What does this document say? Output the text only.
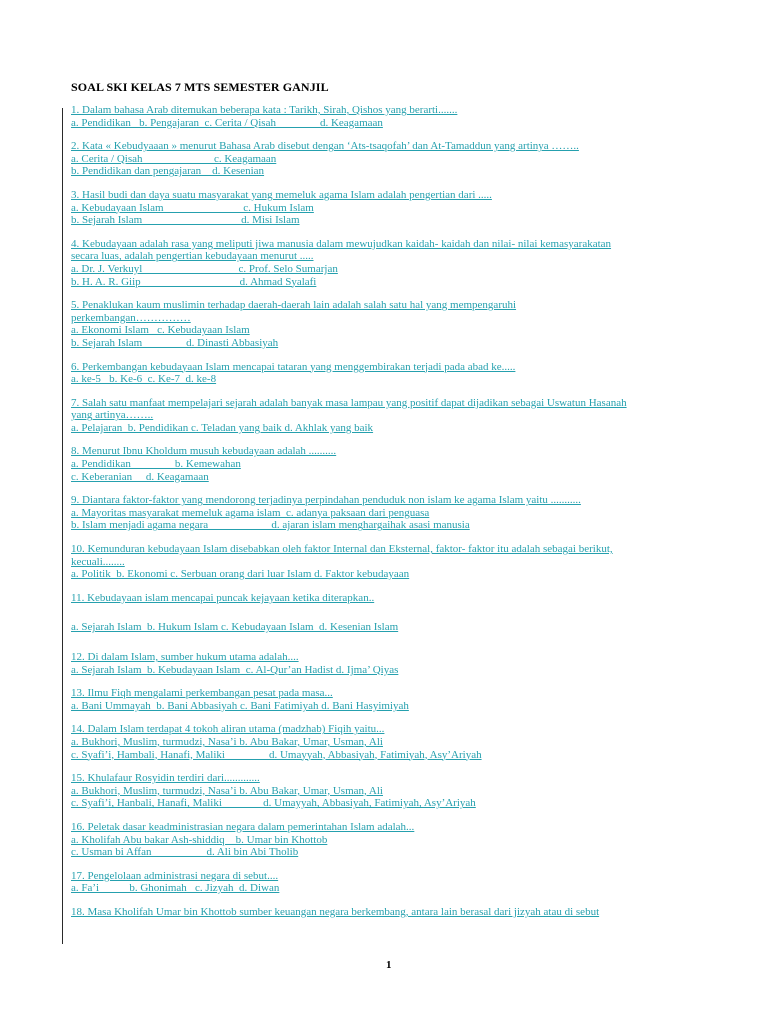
SOAL SKI KELAS 7 MTS SEMESTER GANJIL
1. Dalam bahasa Arab ditemukan beberapa kata : Tarikh, Sirah, Qishos yang berarti.......
a. Pendidikan   b. Pengajaran  c. Cerita / Qisah                d. Keagamaan
2. Kata « Kebudyaaan » menurut Bahasa Arab disebut dengan ‘Ats-tsaqofah’ dan At-Tamaddun yang artinya ……..
a. Cerita / Qisah                          c. Keagamaan
b. Pendidikan dan pengajaran    d. Kesenian
3. Hasil budi dan daya suatu masyarakat yang memeluk agama Islam adalah pengertian dari .....
a. Kebudayaan Islam                             c. Hukum Islam
b. Sejarah Islam                                    d. Misi Islam
4. Kebudayaan adalah rasa yang meliputi jiwa manusia dalam mewujudkan kaidah- kaidah dan nilai- nilai kemasyarakatan
secara luas, adalah pengertian kebudayaan menurut .....
a. Dr. J. Verkuyl                                   c. Prof. Selo Sumarjan
b. H. A. R. Giip                                    d. Ahmad Syalafi
5. Penaklukan kaum muslimin terhadap daerah-daerah lain adalah salah satu hal yang mempengaruhi
perkembangan……………
a. Ekonomi Islam   c. Kebudayaan Islam
b. Sejarah Islam                d. Dinasti Abbasiyah
6. Perkembangan kebudayaan Islam mencapai tataran yang menggembirakan terjadi pada abad ke.....
a. ke-5   b. Ke-6  c. Ke-7  d. ke-8
7. Salah satu manfaat mempelajari sejarah adalah banyak masa lampau yang positif dapat dijadikan sebagai Uswatun Hasanah
yang artinya……..
a. Pelajaran  b. Pendidikan c. Teladan yang baik d. Akhlak yang baik
8. Menurut Ibnu Kholdum musuh kebudayaan adalah ..........
a. Pendidikan                b. Kemewahan
c. Keberanian     d. Keagamaan
9. Diantara faktor-faktor yang mendorong terjadinya perpindahan penduduk non islam ke agama Islam yaitu ...........
a. Mayoritas masyarakat memeluk agama islam  c. adanya paksaan dari penguasa
b. Islam menjadi agama negara                       d. ajaran islam menghargaihak asasi manusia
10. Kemunduran kebudayaan Islam disebabkan oleh faktor Internal dan Eksternal, faktor- faktor itu adalah sebagai berikut,
kecuali........
a. Politik  b. Ekonomi c. Serbuan orang dari luar Islam d. Faktor kebudayaan
11. Kebudayaan islam mencapai puncak kejayaan ketika diterapkan..
a. Sejarah Islam  b. Hukum Islam c. Kebudayaan Islam  d. Kesenian Islam
12. Di dalam Islam, sumber hukum utama adalah....
a. Sejarah Islam  b. Kebudayaan Islam  c. Al-Qur’an Hadist d. Ijma’ Qiyas
13. Ilmu Fiqh mengalami perkembangan pesat pada masa...
a. Bani Ummayah  b. Bani Abbasiyah c. Bani Fatimiyah d. Bani Hasyimiyah
14. Dalam Islam terdapat 4 tokoh aliran utama (madzhab) Fiqih yaitu...
a. Bukhori, Muslim, turmudzi, Nasa’i b. Abu Bakar, Umar, Usman, Ali
c. Syafi’i, Hambali, Hanafi, Maliki                d. Umayyah, Abbasiyah, Fatimiyah, Asy’Ariyah
15. Khulafaur Rosyidin terdiri dari.............
a. Bukhori, Muslim, turmudzi, Nasa’i b. Abu Bakar, Umar, Usman, Ali
c. Syafi’i, Hanbali, Hanafi, Maliki               d. Umayyah, Abbasiyah, Fatimiyah, Asy’Ariyah
16. Peletak dasar keadministrasian negara dalam pemerintahan Islam adalah...
a. Kholifah Abu bakar Ash-shiddiq    b. Umar bin Khottob
c. Usman bi Affan                    d. Ali bin Abi Tholib
17. Pengelolaan administrasi negara di sebut....
a. Fa’i           b. Ghonimah   c. Jizyah  d. Diwan
18. Masa Kholifah Umar bin Khottob sumber keuangan negara berkembang, antara lain berasal dari jizyah atau di sebut
1
